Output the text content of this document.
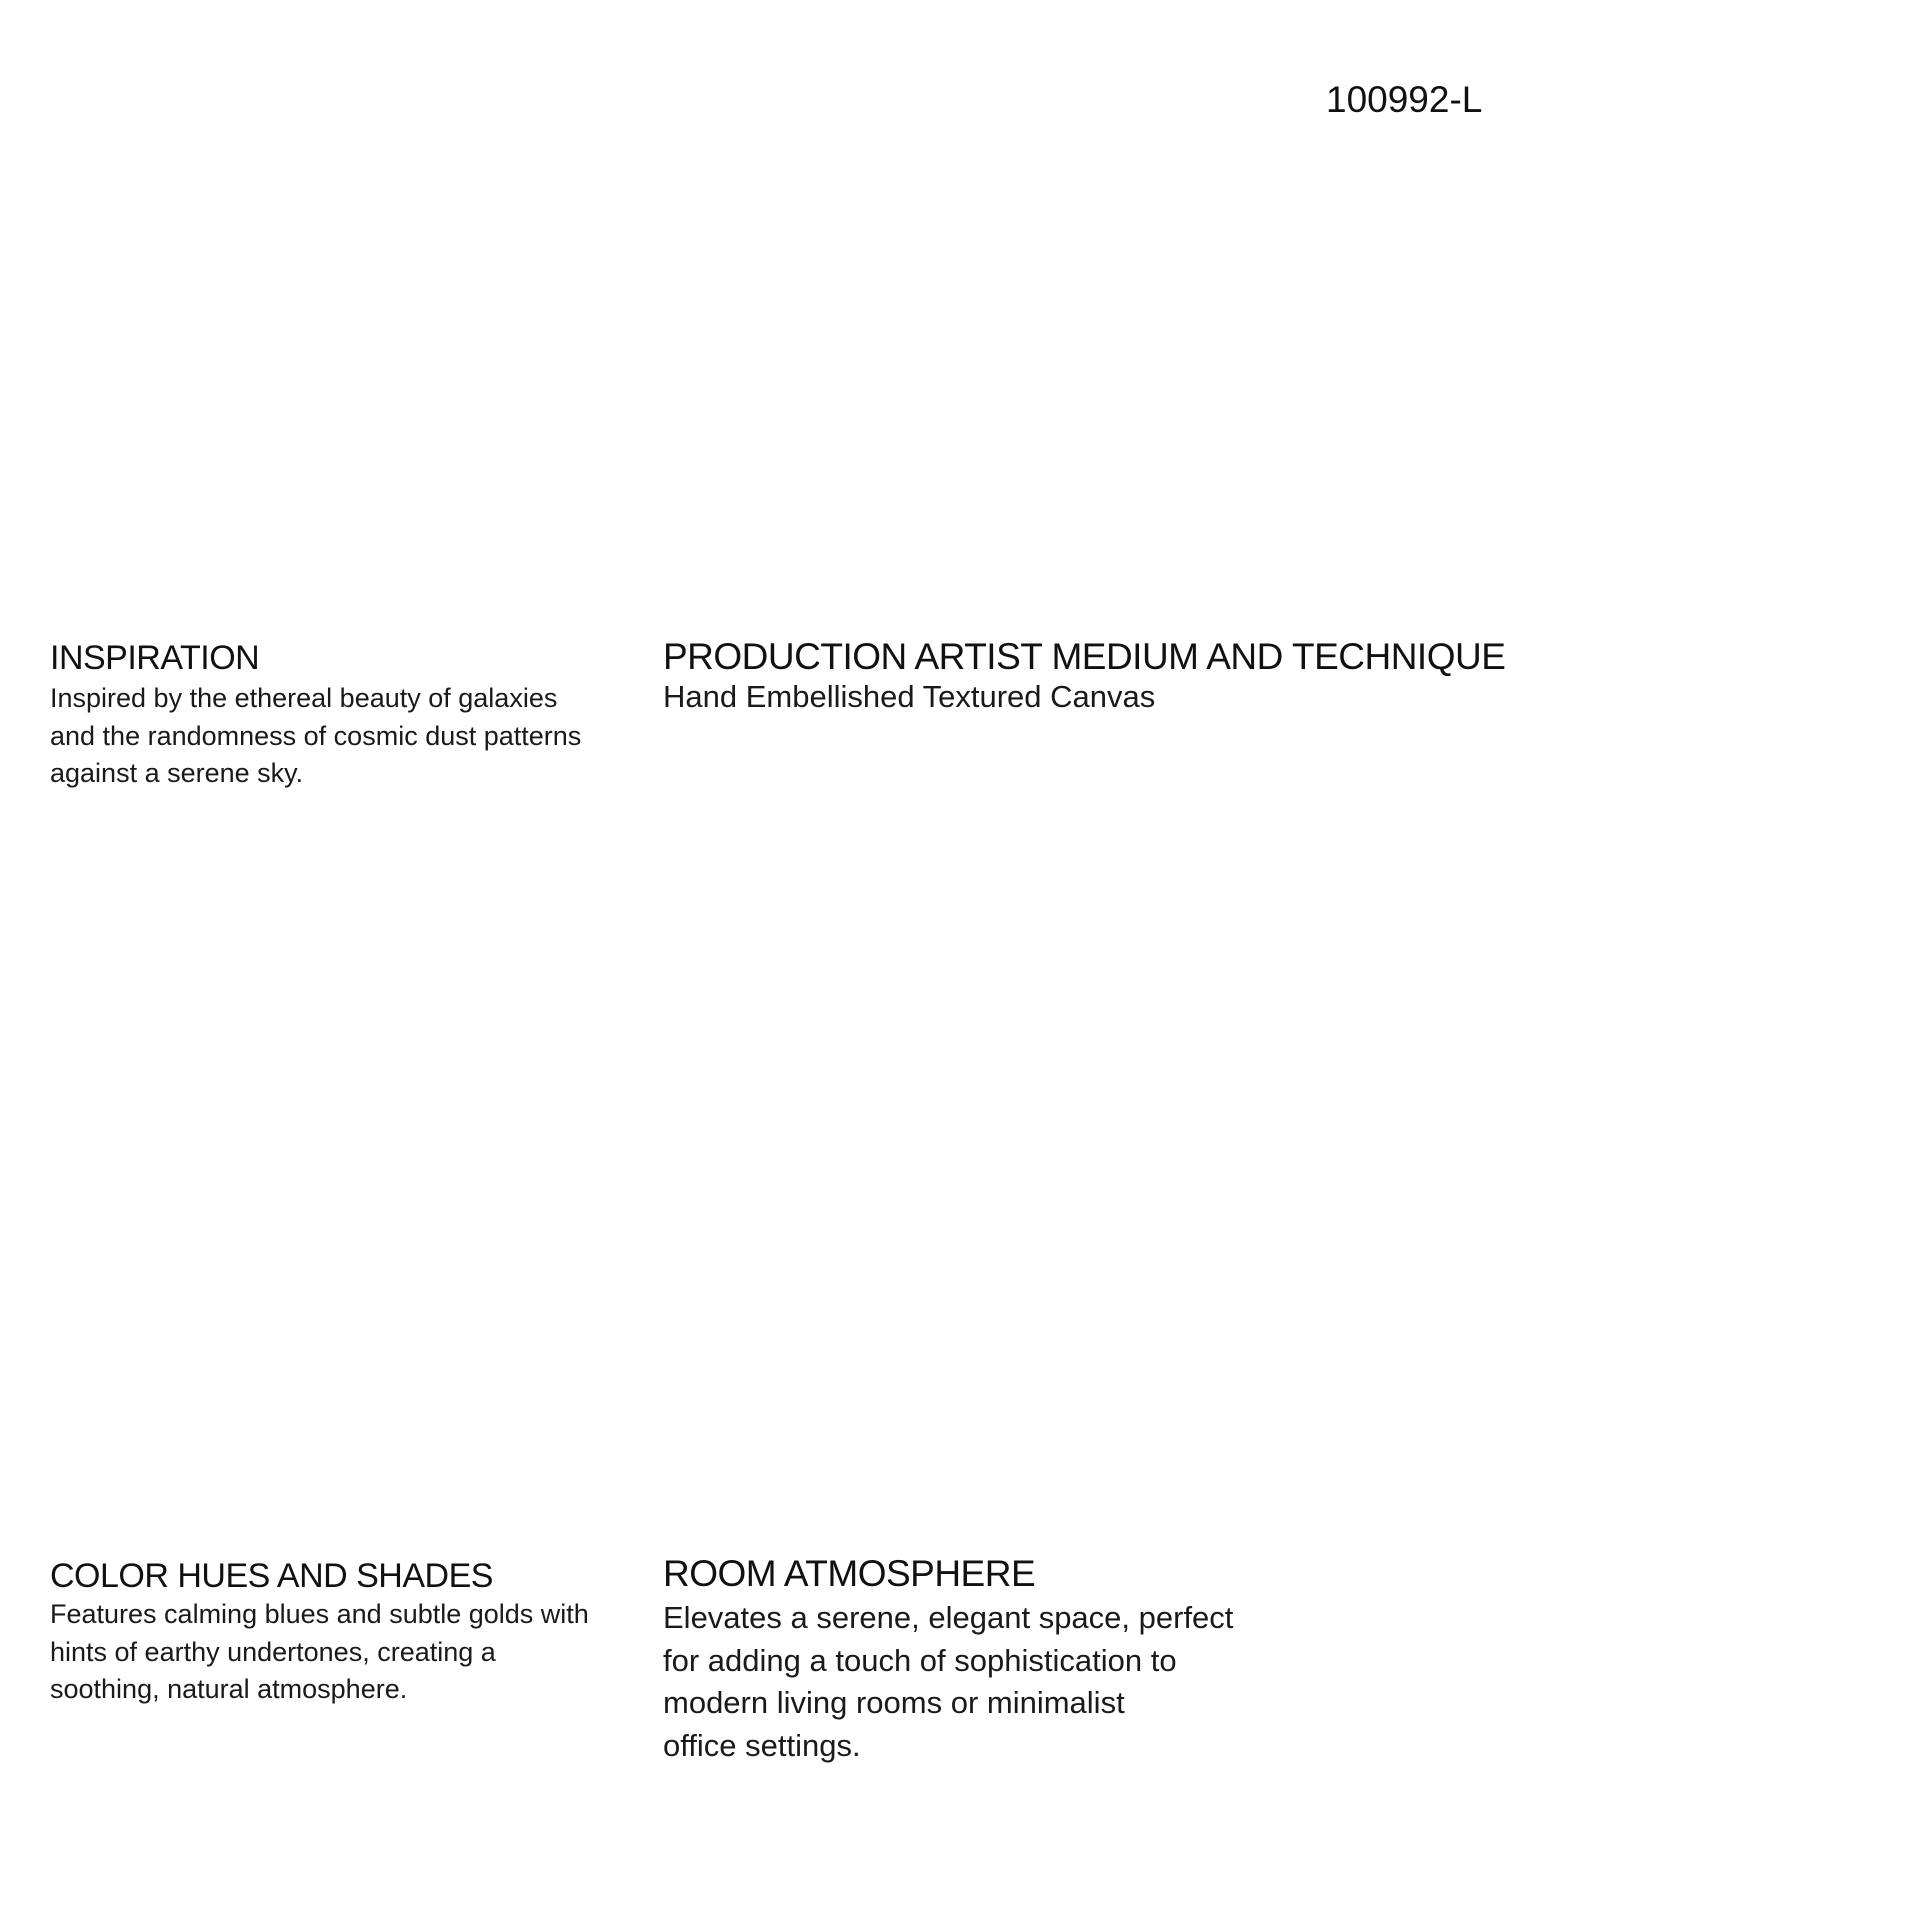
100992-L
INSPIRATION

Inspired by the ethereal beauty of galaxies
and the randomness of cosmic dust patterns
against a serene sky.

PRODUCTION ARTIST MEDIUM AND TECHNIQUE

Hand Embellished Textured Canvas

COLOR HUES AND SHADES

Features calming blues and subtle golds with
hints of earthy undertones, creating a
soothing, natural atmosphere.

ROOM ATMOSPHERE

Elevates a serene, elegant space, perfect
for adding a touch of sophistication to
modern living rooms or minimalist
office settings.
